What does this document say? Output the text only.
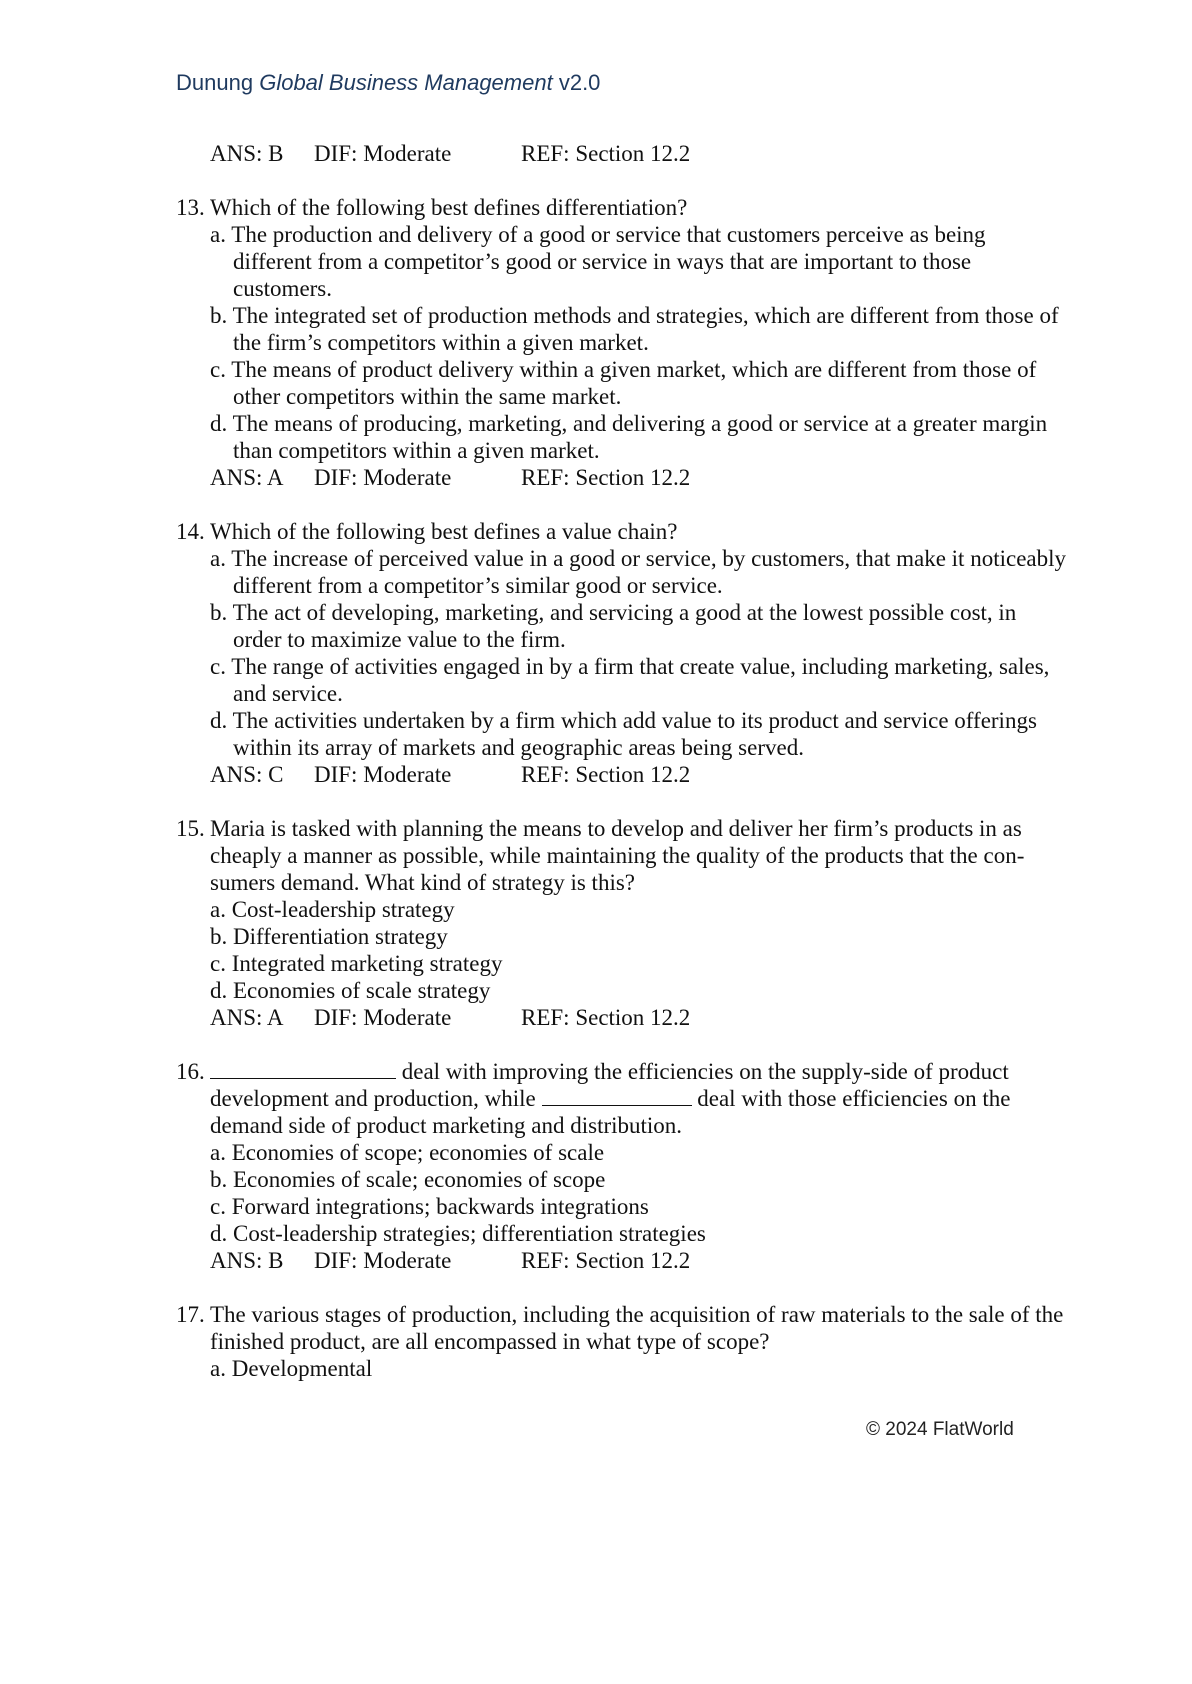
Dunung Global Business Management v2.0
ANS: B	DIF: Moderate	REF: Section 12.2
13. Which of the following best defines differentiation?
a. The production and delivery of a good or service that customers perceive as being different from a competitor’s good or service in ways that are important to those customers.
b. The integrated set of production methods and strategies, which are different from those of the firm’s competitors within a given market.
c. The means of product delivery within a given market, which are different from those of other competitors within the same market.
d. The means of producing, marketing, and delivering a good or service at a greater margin than competitors within a given market.
ANS: A	DIF: Moderate	REF: Section 12.2
14. Which of the following best defines a value chain?
a. The increase of perceived value in a good or service, by customers, that make it noticeably different from a competitor’s similar good or service.
b. The act of developing, marketing, and servicing a good at the lowest possible cost, in order to maximize value to the firm.
c. The range of activities engaged in by a firm that create value, including marketing, sales, and service.
d. The activities undertaken by a firm which add value to its product and service offerings within its array of markets and geographic areas being served.
ANS: C	DIF: Moderate	REF: Section 12.2
15. Maria is tasked with planning the means to develop and deliver her firm’s products in as cheaply a manner as possible, while maintaining the quality of the products that the con-sumers demand. What kind of strategy is this?
a. Cost-leadership strategy
b. Differentiation strategy
c. Integrated marketing strategy
d. Economies of scale strategy
ANS: A	DIF: Moderate	REF: Section 12.2
16.	deal with improving the efficiencies on the supply-side of product development and production, while	deal with those efficiencies on the demand side of product marketing and distribution.
a. Economies of scope; economies of scale
b. Economies of scale; economies of scope
c. Forward integrations; backwards integrations
d. Cost-leadership strategies; differentiation strategies
ANS: B	DIF: Moderate	REF: Section 12.2
17. The various stages of production, including the acquisition of raw materials to the sale of the finished product, are all encompassed in what type of scope?
a. Developmental
© 2024 FlatWorld
